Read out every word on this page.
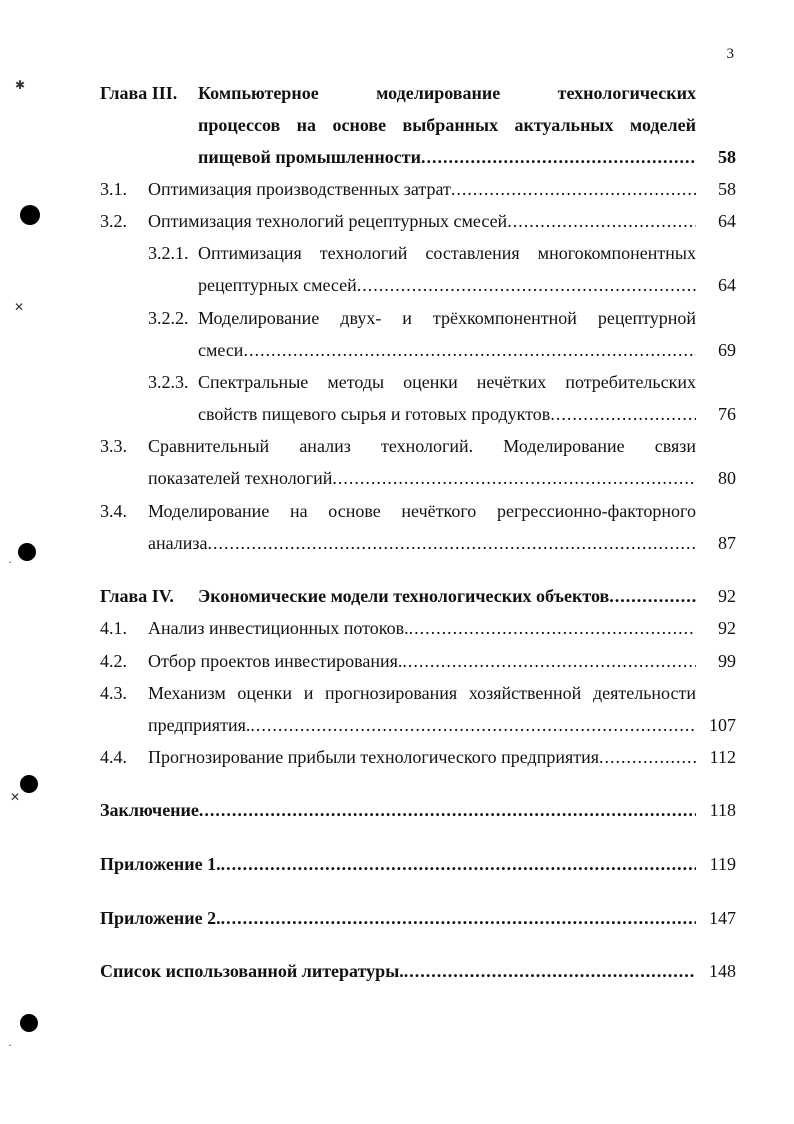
3
Глава III.	Компьютерное моделирование технологических
процессов на основе выбранных актуальных моделей
пищевой промышленности .....	58
3.1.	Оптимизация производственных затрат .....	58
3.2.	Оптимизация технологий рецептурных смесей .....	64
3.2.1. Оптимизация технологий составления многокомпонентных
рецептурных смесей .....	64
3.2.2. Моделирование двух- и трёхкомпонентной рецептурной
смеси .....	69
3.2.3. Спектральные методы оценки нечётких потребительских
свойств пищевого сырья и готовых продуктов .....	76
3.3.	Сравнительный анализ технологий. Моделирование связи
показателей технологий .....	80
3.4.	Моделирование на основе нечёткого регрессионно-факторного
анализа .....	87
Глава IV.	Экономические модели технологических объектов .....	92
4.1.	Анализ инвестиционных потоков. .....	92
4.2.	Отбор проектов инвестирования. .....	99
4.3.	Механизм оценки и прогнозирования хозяйственной деятельности
предприятия. .....	107
4.4.	Прогнозирование прибыли технологического предприятия .....	112
Заключение .....	118
Приложение 1. .....	119
Приложение 2. .....	147
Список использованной литературы. .....	148
✱
✕
·
✕
·
